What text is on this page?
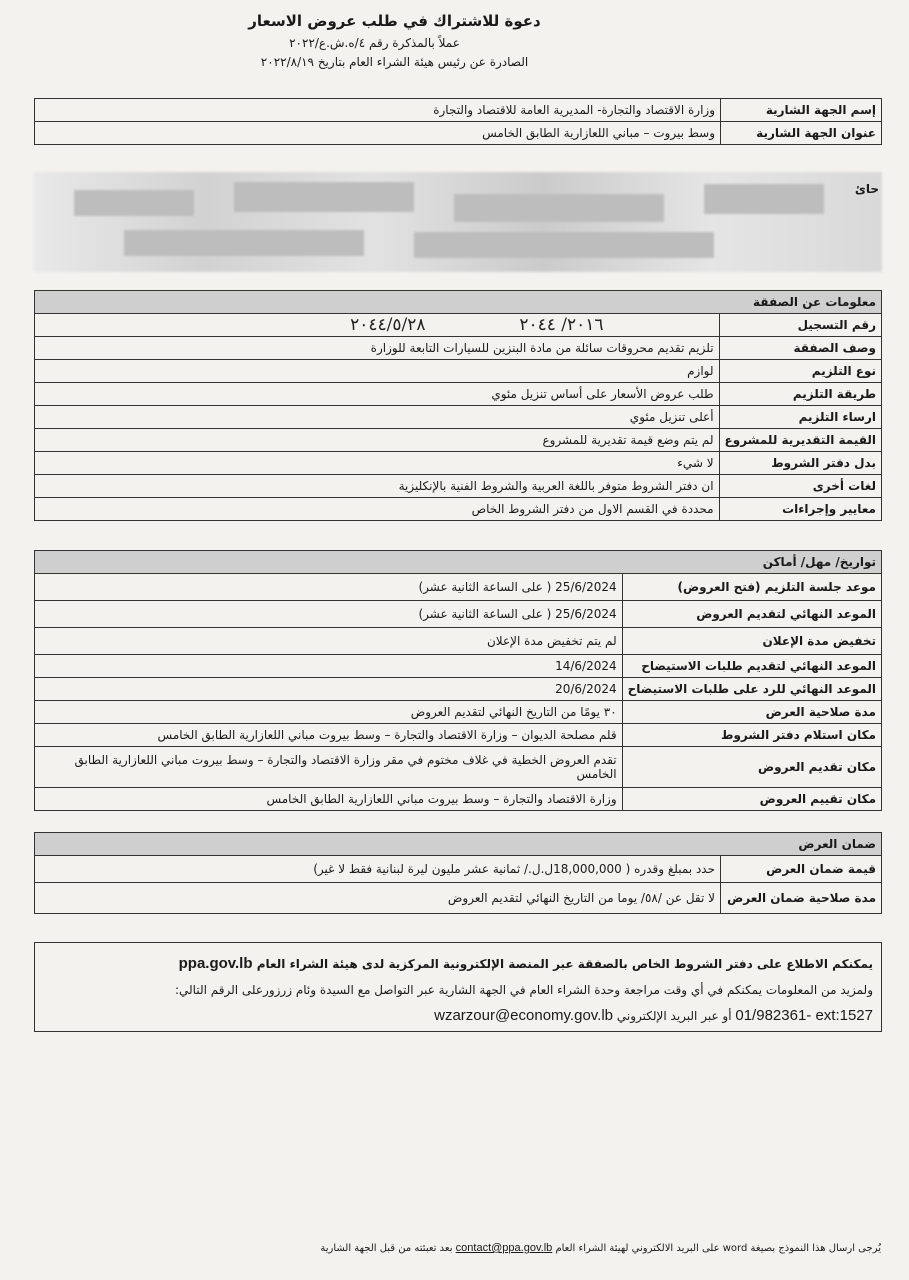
دعوة للاشتراك في طلب عروض الاسعار
عملاً بالمذكرة رقم ٤/ه.ش.ع/٢٠٢٢
الصادرة عن رئيس هيئة الشراء العام بتاريخ ٢٠٢٢/٨/١٩
إسم الجهة الشارية	وزارة الاقتصاد والتجارة- المديرية العامة للاقتصاد والتجارة
عنوان الجهة الشارية	وسط بيروت – مباني اللعازارية الطابق الخامس
حائ
معلومات عن الصفقة	
رقم التسجيل	٢٠١٦/ ٢٠٤٤ ٢٠٤٤/٥/٢٨
وصف الصفقة	تلزيم تقديم محروقات سائلة من مادة البنزين للسيارات التابعة للوزارة
نوع التلزيم	لوازم
طريقة التلزيم	طلب عروض الأسعار على أساس تنزيل مئوي
ارساء التلزيم	أعلى تنزيل مئوي
القيمة التقديرية للمشروع	لم يتم وضع قيمة تقديرية للمشروع
بدل دفتر الشروط	لا شيء
لغات أخرى	ان دفتر الشروط متوفر باللغة العربية والشروط الفنية بالإنكليزية
معايير وإجراءات	محددة في القسم الاول من دفتر الشروط الخاص
تواريخ/ مهل/ أماكن	
موعد جلسة التلزيم (فتح العروض)	25/6/2024 ( على الساعة الثانية عشر)
الموعد النهائي لتقديم العروض	25/6/2024 ( على الساعة الثانية عشر)
تخفيض مدة الإعلان	لم يتم تخفيض مدة الإعلان
الموعد النهائي لتقديم طلبات الاستيضاح	14/6/2024
الموعد النهائي للرد على طلبات الاستيضاح	20/6/2024
مدة صلاحية العرض	٣٠ يومًا من التاريخ النهائي لتقديم العروض
مكان استلام دفتر الشروط	قلم مصلحة الديوان – وزارة الاقتصاد والتجارة – وسط بيروت مباني اللعازارية الطابق الخامس
مكان تقديم العروض	تقدم العروض الخطية في غلاف مختوم في مقر وزارة الاقتصاد والتجارة – وسط بيروت مباني اللعازارية الطابق الخامس
مكان تقييم العروض	وزارة الاقتصاد والتجارة – وسط بيروت مباني اللعازارية الطابق الخامس
ضمان العرض	
قيمة ضمان العرض	حدد بمبلغ وقدره ( 18,000,000ل.ل./ ثمانية عشر مليون ليرة لبنانية فقط لا غير)
مدة صلاحية ضمان العرض	لا تقل عن /٥٨/ يوما من التاريخ النهائي لتقديم العروض
يمكنكم الاطلاع على دفتر الشروط الخاص بالصفقة عبر المنصة الإلكترونية المركزية لدى هيئة الشراء العام ppa.gov.lb
ولمزيد من المعلومات يمكنكم في أي وقت مراجعة وحدة الشراء العام في الجهة الشارية عبر التواصل مع السيدة وئام زرزورعلى الرقم التالي:
01/982361- ext:1527 أو عبر البريد الإلكتروني wzarzour@economy.gov.lb
يُرجى ارسال هذا النموذج بصيغة word على البريد الالكتروني لهيئة الشراء العام contact@ppa.gov.lb بعد تعبئته من قبل الجهة الشارية
